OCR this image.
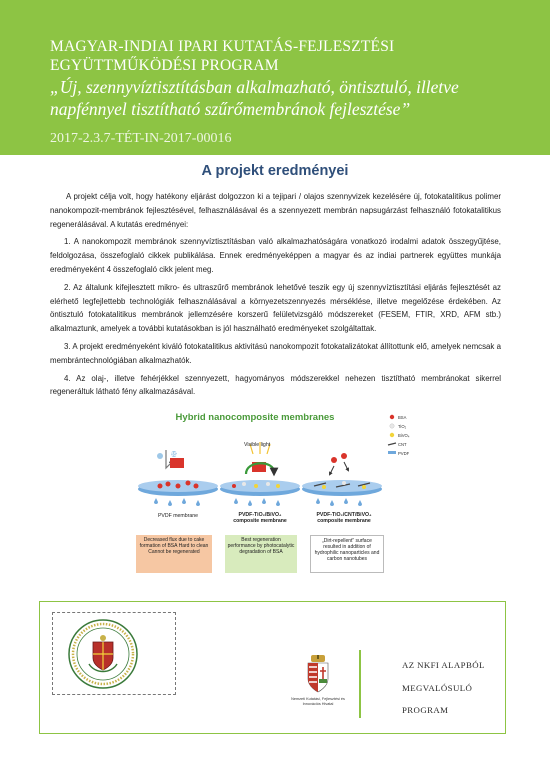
MAGYAR-INDIAI IPARI KUTATÁS-FEJLESZTÉSI

EGYÜTTMŰKÖDÉSI PROGRAM

„Új, szennyvíztisztításban alkalmazható, öntisztuló, illetve

napfénnyel tisztítható szűrőmembránok fejlesztése”

2017-2.3.7-TÉT-IN-2017-00016

A projekt eredményei

A projekt célja volt, hogy hatékony eljárást dolgozzon ki a tejipari / olajos szennyvizek kezelésére új, fotokatalitikus polimer nanokompozit-membránok fejlesztésével, felhasználásával és a szennyezett membrán napsugárzást felhasználó fotokatalitikus regenerálásával. A kutatás eredményei:

1. A nanokompozit membránok szennyvíztisztításban való alkalmazhatóságára vonatkozó irodalmi adatok összegyűjtése, feldolgozása, összefoglaló cikkek publikálása. Ennek eredményeképpen a magyar és az indiai partnerek együttes munkája eredményeként 4 összefoglaló cikk jelent meg.

2. Az általunk kifejlesztett mikro- és ultraszűrő membránok lehetővé teszik egy új szennyvíztisztítási eljárás fejlesztését az elérhető legfejlettebb technológiák felhasználásával a környezetszennyezés mérséklése, illetve megelőzése érdekében. Az öntisztuló fotokatalitikus membránok jellemzésére korszerű felületvizsgáló módszereket (FESEM, FTIR, XRD, AFM stb.) alkalmaztunk, amelyek a további kutatásokban is jól használható eredményeket szolgáltattak.

3. A projekt eredményeként kiváló fotokatalitikus aktivitású nanokompozit fotokatalizátokat állítottunk elő, amelyek nemcsak a membrántechnológiában alkalmazhatók.

4. Az olaj-, illetve fehérjékkel szennyezett, hagyományos módszerekkel nehezen tisztítható membránokat sikerrel regeneráltuk látható fény alkalmazásával.

Hybrid nanocomposite membranes

Visible light
BSA
BSA
BSA
TiO₂
BiVO₄
CNT
PVDF
PVDF membrane	PVDF-TiO₂/BiVO₄ composite membrane
PVDF-TiO₂/CNT/BiVO₄ composite membrane
Decreased flux due to cake formation of BSA Hard to clean Cannot be regenerated
Best regeneration performance by photocatalytic degradation of BSA
„Dirt-repellent” surface resulted in addition of hydrophilic nanoparticles and carbon nanotubes

Nemzeti Kutatási, Fejlesztési és Innovációs Hivatal

AZ NKFI ALAPBÓL

MEGVALÓSULÓ

PROGRAM
